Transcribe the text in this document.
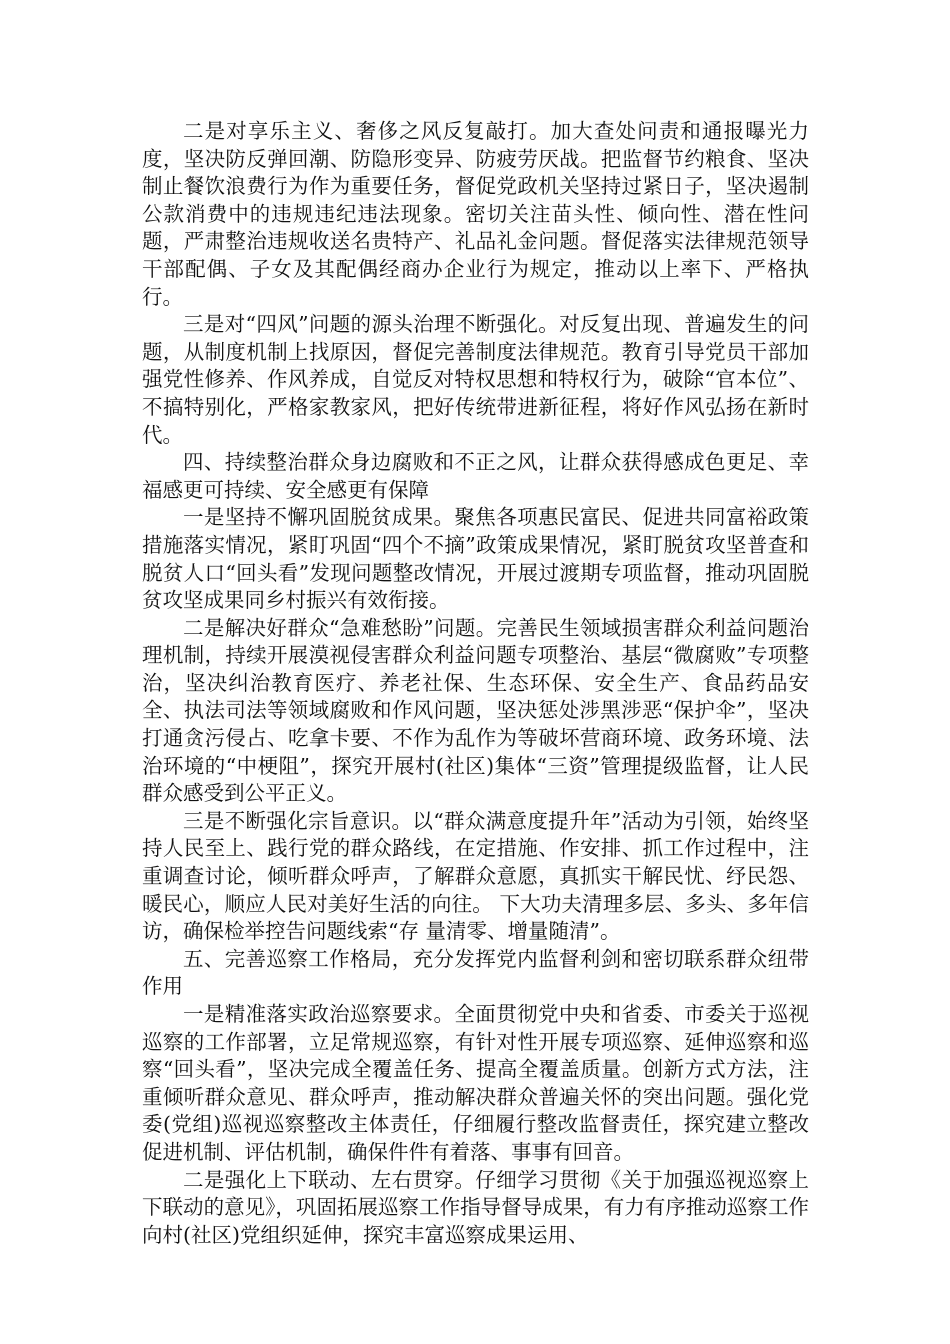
二是对享乐主义、奢侈之风反复敲打。加大查处问责和通报曝光力度，坚决防反弹回潮、防隐形变异、防疲劳厌战。把监督节约粮食、坚决制止餐饮浪费行为作为重要任务，督促党政机关坚持过紧日子，坚决遏制公款消费中的违规违纪违法现象。密切关注苗头性、倾向性、潜在性问题，严肃整治违规收送名贵特产、礼品礼金问题。督促落实法律规范领导干部配偶、子女及其配偶经商办企业行为规定，推动以上率下、严格执行。

三是对“四风”问题的源头治理不断强化。对反复出现、普遍发生的问题，从制度机制上找原因，督促完善制度法律规范。教育引导党员干部加强党性修养、作风养成，自觉反对特权思想和特权行为，破除“官本位”、不搞特别化，严格家教家风，把好传统带进新征程，将好作风弘扬在新时代。

四、持续整治群众身边腐败和不正之风，让群众获得感成色更足、幸福感更可持续、安全感更有保障

一是坚持不懈巩固脱贫成果。聚焦各项惠民富民、促进共同富裕政策措施落实情况，紧盯巩固“四个不摘”政策成果情况，紧盯脱贫攻坚普查和脱贫人口“回头看”发现问题整改情况，开展过渡期专项监督，推动巩固脱贫攻坚成果同乡村振兴有效衔接。

二是解决好群众“急难愁盼”问题。完善民生领域损害群众利益问题治理机制，持续开展漠视侵害群众利益问题专项整治、基层“微腐败”专项整治，坚决纠治教育医疗、养老社保、生态环保、安全生产、食品药品安全、执法司法等领域腐败和作风问题，坚决惩处涉黑涉恶“保护伞”，坚决打通贪污侵占、吃拿卡要、不作为乱作为等破坏营商环境、政务环境、法治环境的“中梗阻”，探究开展村(社区)集体“三资”管理提级监督，让人民群众感受到公平正义。

三是不断强化宗旨意识。以“群众满意度提升年”活动为引领，始终坚持人民至上、践行党的群众路线，在定措施、作安排、抓工作过程中，注重调查讨论，倾听群众呼声，了解群众意愿，真抓实干解民忧、纾民怨、暖民心，顺应人民对美好生活的向往。 下大功夫清理多层、多头、多年信访，确保检举控告问题线索“存 量清零、增量随清”。

五、完善巡察工作格局，充分发挥党内监督利剑和密切联系群众纽带作用

一是精准落实政治巡察要求。全面贯彻党中央和省委、市委关于巡视巡察的工作部署，立足常规巡察，有针对性开展专项巡察、延伸巡察和巡察“回头看”，坚决完成全覆盖任务、提高全覆盖质量。创新方式方法，注重倾听群众意见、群众呼声，推动解决群众普遍关怀的突出问题。强化党委(党组)巡视巡察整改主体责任，仔细履行整改监督责任，探究建立整改促进机制、评估机制，确保件件有着落、事事有回音。

二是强化上下联动、左右贯穿。仔细学习贯彻《关于加强巡视巡察上下联动的意见》，巩固拓展巡察工作指导督导成果，有力有序推动巡察工作向村(社区)党组织延伸，探究丰富巡察成果运用、
